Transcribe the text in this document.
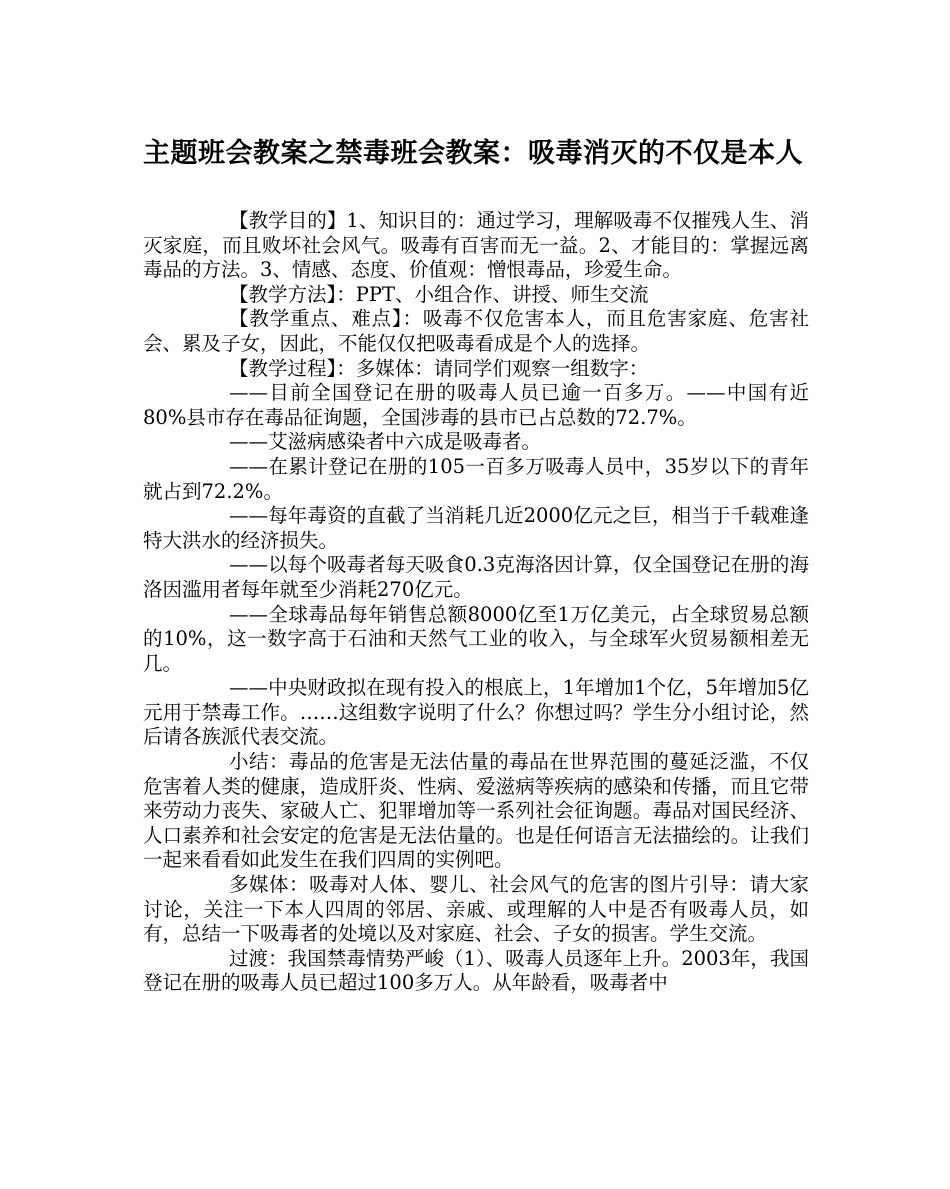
主题班会教案之禁毒班会教案：吸毒消灭的不仅是本人

【教学目的】1、知识目的：通过学习，理解吸毒不仅摧残人生、消灭家庭，而且败坏社会风气。吸毒有百害而无一益。2、才能目的：掌握远离毒品的方法。3、情感、态度、价值观：憎恨毒品，珍爱生命。

【教学方法】：PPT、小组合作、讲授、师生交流

【教学重点、难点】：吸毒不仅危害本人，而且危害家庭、危害社会、累及子女，因此，不能仅仅把吸毒看成是个人的选择。

【教学过程】：多媒体：请同学们观察一组数字：

——目前全国登记在册的吸毒人员已逾一百多万。——中国有近80%县市存在毒品征询题，全国涉毒的县市已占总数的72.7%。

——艾滋病感染者中六成是吸毒者。

——在累计登记在册的105一百多万吸毒人员中，35岁以下的青年就占到72.2%。

——每年毒资的直截了当消耗几近2000亿元之巨，相当于千载难逢特大洪水的经济损失。

——以每个吸毒者每天吸食0.3克海洛因计算，仅全国登记在册的海洛因滥用者每年就至少消耗270亿元。

——全球毒品每年销售总额8000亿至1万亿美元，占全球贸易总额的10%，这一数字高于石油和天然气工业的收入，与全球军火贸易额相差无几。

——中央财政拟在现有投入的根底上，1年增加1个亿，5年增加5亿元用于禁毒工作。……这组数字说明了什么？你想过吗？学生分小组讨论，然后请各族派代表交流。

小结：毒品的危害是无法估量的毒品在世界范围的蔓延泛滥，不仅危害着人类的健康，造成肝炎、性病、爱滋病等疾病的感染和传播，而且它带来劳动力丧失、家破人亡、犯罪增加等一系列社会征询题。毒品对国民经济、人口素养和社会安定的危害是无法估量的。也是任何语言无法描绘的。让我们一起来看看如此发生在我们四周的实例吧。

多媒体：吸毒对人体、婴儿、社会风气的危害的图片引导：请大家讨论，关注一下本人四周的邻居、亲戚、或理解的人中是否有吸毒人员，如有，总结一下吸毒者的处境以及对家庭、社会、子女的损害。学生交流。

过渡：我国禁毒情势严峻（1）、吸毒人员逐年上升。2003年，我国登记在册的吸毒人员已超过100多万人。从年龄看，吸毒者中
